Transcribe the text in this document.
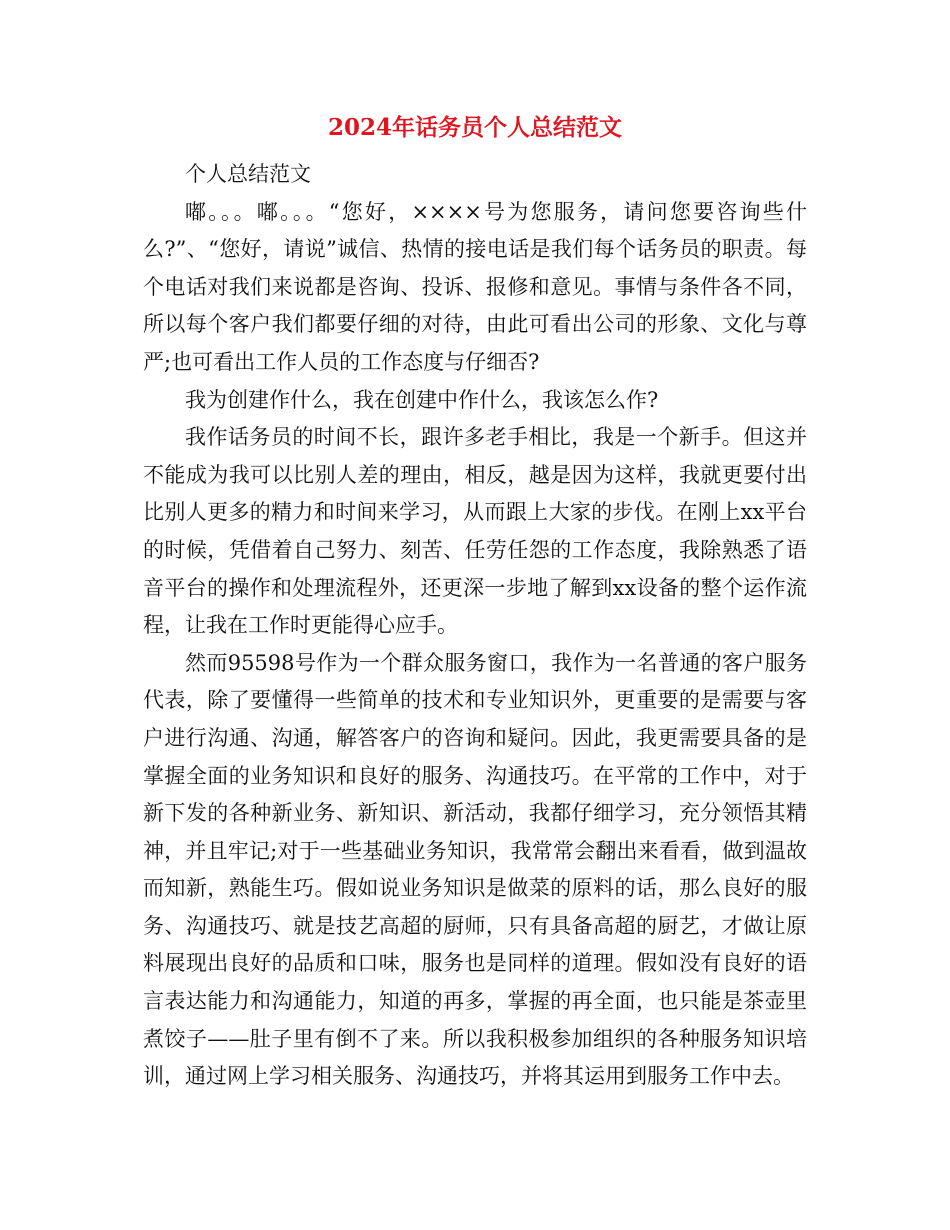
2024年话务员个人总结范文

个人总结范文

嘟。。。嘟。。。“您好，××××号为您服务，请问您要咨询些什么?”、“您好，请说”诚信、热情的接电话是我们每个话务员的职责。每个电话对我们来说都是咨询、投诉、报修和意见。事情与条件各不同，所以每个客户我们都要仔细的对待，由此可看出公司的形象、文化与尊严;也可看出工作人员的工作态度与仔细否?

我为创建作什么，我在创建中作什么，我该怎么作?

我作话务员的时间不长，跟许多老手相比，我是一个新手。但这并不能成为我可以比别人差的理由，相反，越是因为这样，我就更要付出比别人更多的精力和时间来学习，从而跟上大家的步伐。在刚上xx平台的时候，凭借着自己努力、刻苦、任劳任怨的工作态度，我除熟悉了语音平台的操作和处理流程外，还更深一步地了解到xx设备的整个运作流程，让我在工作时更能得心应手。

然而95598号作为一个群众服务窗口，我作为一名普通的客户服务代表，除了要懂得一些简单的技术和专业知识外，更重要的是需要与客户进行沟通、沟通，解答客户的咨询和疑问。因此，我更需要具备的是掌握全面的业务知识和良好的服务、沟通技巧。在平常的工作中，对于新下发的各种新业务、新知识、新活动，我都仔细学习，充分领悟其精神，并且牢记;对于一些基础业务知识，我常常会翻出来看看，做到温故而知新，熟能生巧。假如说业务知识是做菜的原料的话，那么良好的服务、沟通技巧、就是技艺高超的厨师，只有具备高超的厨艺，才做让原料展现出良好的品质和口味，服务也是同样的道理。假如没有良好的语言表达能力和沟通能力，知道的再多，掌握的再全面，也只能是茶壶里煮饺子——肚子里有倒不了来。所以我积极参加组织的各种服务知识培训，通过网上学习相关服务、沟通技巧，并将其运用到服务工作中去。
